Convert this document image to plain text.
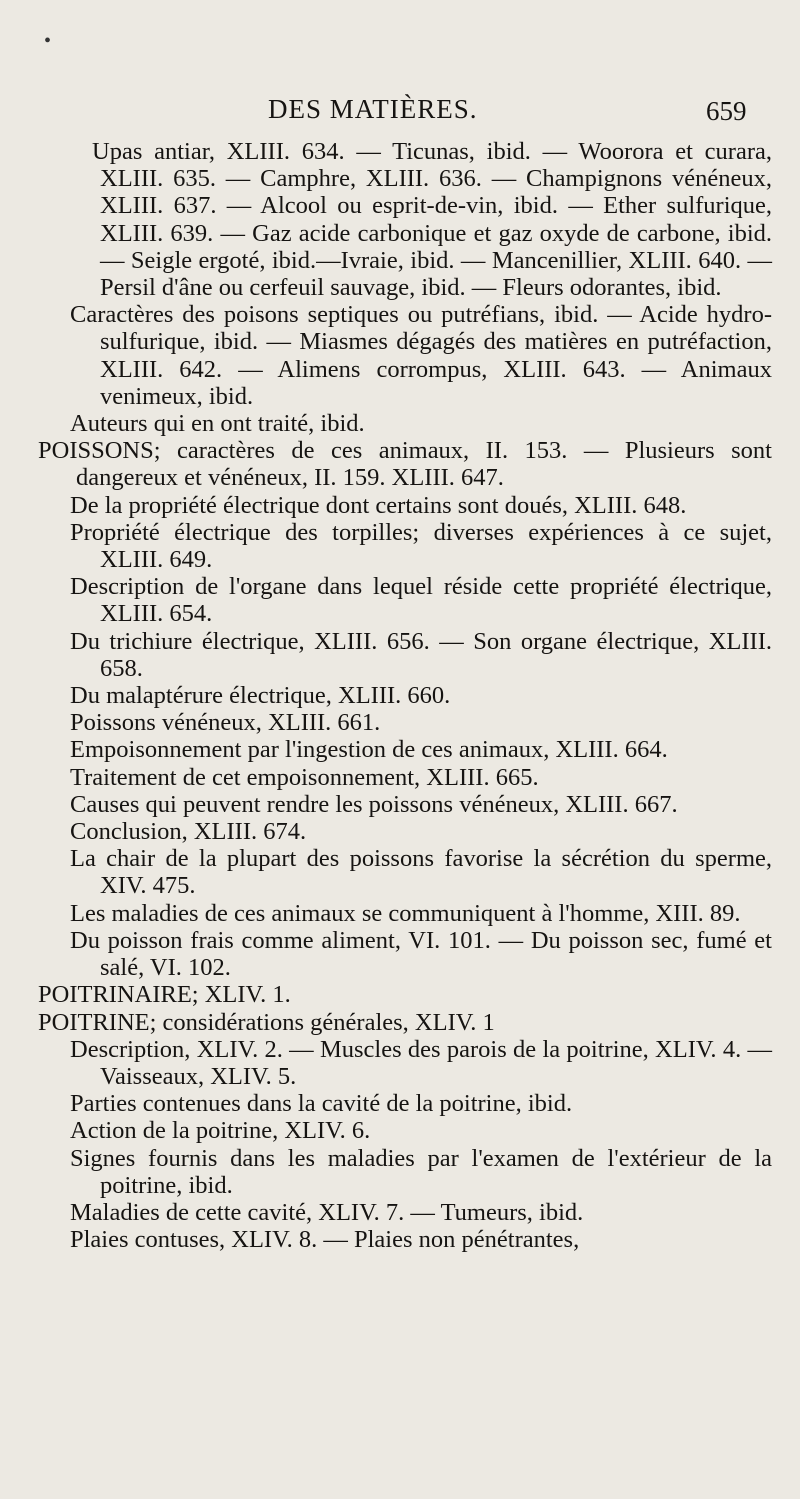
•
DES MATIÈRES.	659
Upas antiar, XLIII. 634. — Ticunas, ibid. — Woorora et curara, XLIII. 635. — Camphre, XLIII. 636. — Champignons vénéneux, XLIII. 637. — Alcool ou esprit-de-vin, ibid. — Ether sulfurique, XLIII. 639. — Gaz acide carbonique et gaz oxyde de carbone, ibid. — Seigle ergoté, ibid.—Ivraie, ibid. — Mancenillier, XLIII. 640. — Persil d'âne ou cerfeuil sauvage, ibid. — Fleurs odorantes, ibid.
Caractères des poisons septiques ou putréfians, ibid. — Acide hydro-sulfurique, ibid. — Miasmes dégagés des matières en putréfaction, XLIII. 642. — Alimens corrompus, XLIII. 643. — Animaux venimeux, ibid.
Auteurs qui en ont traité, ibid.
POISSONS; caractères de ces animaux, II. 153. — Plusieurs sont dangereux et vénéneux, II. 159. XLIII. 647.
De la propriété électrique dont certains sont doués, XLIII. 648.
Propriété électrique des torpilles; diverses expériences à ce sujet, XLIII. 649.
Description de l'organe dans lequel réside cette propriété électrique, XLIII. 654.
Du trichiure électrique, XLIII. 656. — Son organe électrique, XLIII. 658.
Du malaptérure électrique, XLIII. 660.
Poissons vénéneux, XLIII. 661.
Empoisonnement par l'ingestion de ces animaux, XLIII. 664.
Traitement de cet empoisonnement, XLIII. 665.
Causes qui peuvent rendre les poissons vénéneux, XLIII. 667.
Conclusion, XLIII. 674.
La chair de la plupart des poissons favorise la sécrétion du sperme, XIV. 475.
Les maladies de ces animaux se communiquent à l'homme, XIII. 89.
Du poisson frais comme aliment, VI. 101. — Du poisson sec, fumé et salé, VI. 102.
POITRINAIRE; XLIV. 1.
POITRINE; considérations générales, XLIV. 1
Description, XLIV. 2. — Muscles des parois de la poitrine, XLIV. 4. — Vaisseaux, XLIV. 5.
Parties contenues dans la cavité de la poitrine, ibid.
Action de la poitrine, XLIV. 6.
Signes fournis dans les maladies par l'examen de l'extérieur de la poitrine, ibid.
Maladies de cette cavité, XLIV. 7. — Tumeurs, ibid.
Plaies contuses, XLIV. 8. — Plaies non pénétrantes,
